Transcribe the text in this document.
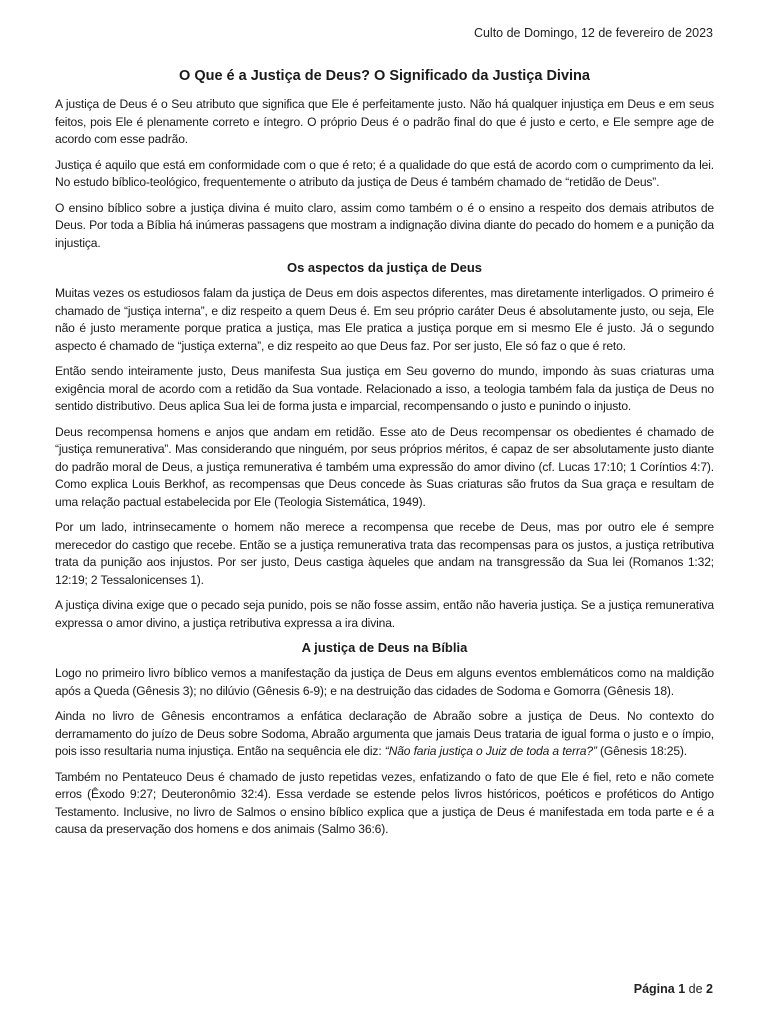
Culto de Domingo, 12 de fevereiro de 2023
O Que é a Justiça de Deus? O Significado da Justiça Divina

A justiça de Deus é o Seu atributo que significa que Ele é perfeitamente justo. Não há qualquer injustiça em Deus e em seus feitos, pois Ele é plenamente correto e íntegro. O próprio Deus é o padrão final do que é justo e certo, e Ele sempre age de acordo com esse padrão.

Justiça é aquilo que está em conformidade com o que é reto; é a qualidade do que está de acordo com o cumprimento da lei. No estudo bíblico-teológico, frequentemente o atributo da justiça de Deus é também chamado de “retidão de Deus”.

O ensino bíblico sobre a justiça divina é muito claro, assim como também o é o ensino a respeito dos demais atributos de Deus. Por toda a Bíblia há inúmeras passagens que mostram a indignação divina diante do pecado do homem e a punição da injustiça.

Os aspectos da justiça de Deus

Muitas vezes os estudiosos falam da justiça de Deus em dois aspectos diferentes, mas diretamente interligados. O primeiro é chamado de “justiça interna”, e diz respeito a quem Deus é. Em seu próprio caráter Deus é absolutamente justo, ou seja, Ele não é justo meramente porque pratica a justiça, mas Ele pratica a justiça porque em si mesmo Ele é justo. Já o segundo aspecto é chamado de “justiça externa”, e diz respeito ao que Deus faz. Por ser justo, Ele só faz o que é reto.

Então sendo inteiramente justo, Deus manifesta Sua justiça em Seu governo do mundo, impondo às suas criaturas uma exigência moral de acordo com a retidão da Sua vontade. Relacionado a isso, a teologia também fala da justiça de Deus no sentido distributivo. Deus aplica Sua lei de forma justa e imparcial, recompensando o justo e punindo o injusto.

Deus recompensa homens e anjos que andam em retidão. Esse ato de Deus recompensar os obedientes é chamado de “justiça remunerativa”. Mas considerando que ninguém, por seus próprios méritos, é capaz de ser absolutamente justo diante do padrão moral de Deus, a justiça remunerativa é também uma expressão do amor divino (cf. Lucas 17:10; 1 Coríntios 4:7). Como explica Louis Berkhof, as recompensas que Deus concede às Suas criaturas são frutos da Sua graça e resultam de uma relação pactual estabelecida por Ele (Teologia Sistemática, 1949).

Por um lado, intrinsecamente o homem não merece a recompensa que recebe de Deus, mas por outro ele é sempre merecedor do castigo que recebe. Então se a justiça remunerativa trata das recompensas para os justos, a justiça retributiva trata da punição aos injustos. Por ser justo, Deus castiga àqueles que andam na transgressão da Sua lei (Romanos 1:32; 12:19; 2 Tessalonicenses 1).

A justiça divina exige que o pecado seja punido, pois se não fosse assim, então não haveria justiça. Se a justiça remunerativa expressa o amor divino, a justiça retributiva expressa a ira divina.

A justiça de Deus na Bíblia

Logo no primeiro livro bíblico vemos a manifestação da justiça de Deus em alguns eventos emblemáticos como na maldição após a Queda (Gênesis 3); no dilúvio (Gênesis 6-9); e na destruição das cidades de Sodoma e Gomorra (Gênesis 18).

Ainda no livro de Gênesis encontramos a enfática declaração de Abraão sobre a justiça de Deus. No contexto do derramamento do juízo de Deus sobre Sodoma, Abraão argumenta que jamais Deus trataria de igual forma o justo e o ímpio, pois isso resultaria numa injustiça. Então na sequência ele diz: “Não faria justiça o Juiz de toda a terra?” (Gênesis 18:25).

Também no Pentateuco Deus é chamado de justo repetidas vezes, enfatizando o fato de que Ele é fiel, reto e não comete erros (Êxodo 9:27; Deuteronômio 32:4). Essa verdade se estende pelos livros históricos, poéticos e proféticos do Antigo Testamento. Inclusive, no livro de Salmos o ensino bíblico explica que a justiça de Deus é manifestada em toda parte e é a causa da preservação dos homens e dos animais (Salmo 36:6).

Página 1 de 2
